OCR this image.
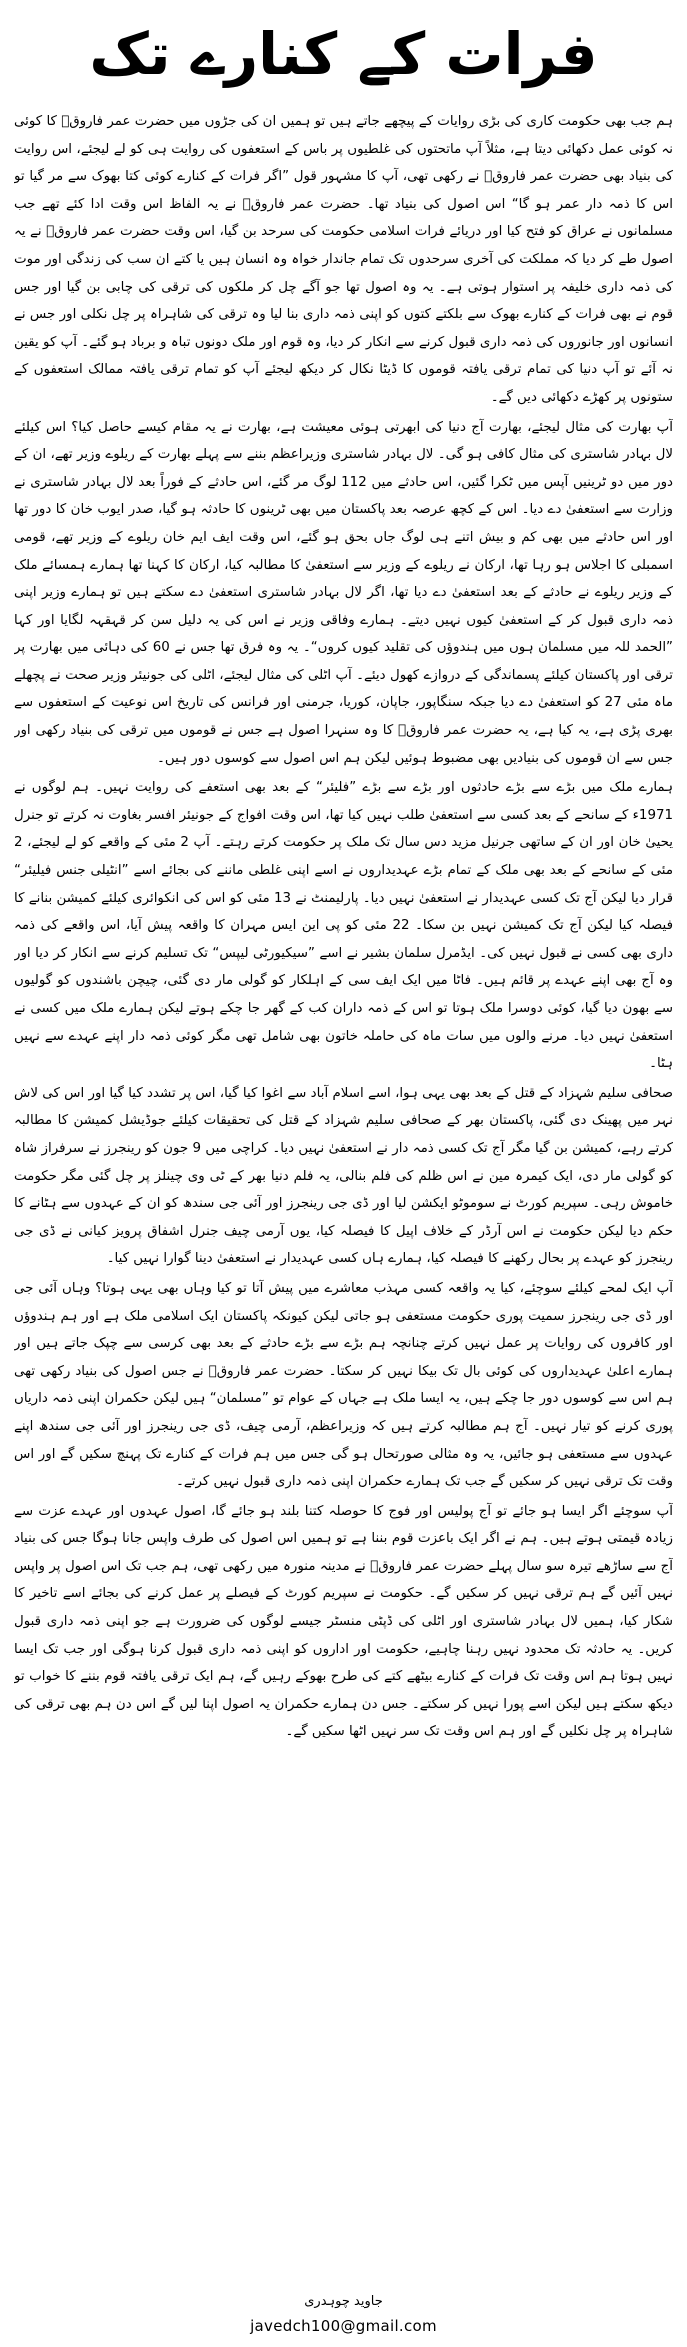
فرات کے کنارے تک

ہم جب بھی حکومت کاری کی بڑی روایات کے پیچھے جاتے ہیں تو ہمیں ان کی جڑوں میں حضرت عمر فاروقؓ کا کوئی نہ کوئی عمل دکھائی دیتا ہے، مثلاً آپ ماتحتوں کی غلطیوں پر باس کے استعفوں کی روایت ہی کو لے لیجئے، اس روایت کی بنیاد بھی حضرت عمر فاروقؓ نے رکھی تھی، آپ کا مشہور قول ”اگر فرات کے کنارے کوئی کتا بھوک سے مر گیا تو اس کا ذمہ دار عمر ہو گا“ اس اصول کی بنیاد تھا۔ حضرت عمر فاروقؓ نے یہ الفاظ اس وقت ادا کئے تھے جب مسلمانوں نے عراق کو فتح کیا اور دریائے فرات اسلامی حکومت کی سرحد بن گیا، اس وقت حضرت عمر فاروقؓ نے یہ اصول طے کر دیا کہ مملکت کی آخری سرحدوں تک تمام جاندار خواہ وہ انسان ہیں یا کتے ان سب کی زندگی اور موت کی ذمہ داری خلیفہ پر استوار ہوتی ہے۔ یہ وہ اصول تھا جو آگے چل کر ملکوں کی ترقی کی چابی بن گیا اور جس قوم نے بھی فرات کے کنارے بھوک سے بلکتے کتوں کو اپنی ذمہ داری بنا لیا وہ ترقی کی شاہراہ پر چل نکلی اور جس نے انسانوں اور جانوروں کی ذمہ داری قبول کرنے سے انکار کر دیا، وہ قوم اور ملک دونوں تباہ و برباد ہو گئے۔ آپ کو یقین نہ آئے تو آپ دنیا کی تمام ترقی یافتہ قوموں کا ڈیٹا نکال کر دیکھ لیجئے آپ کو تمام ترقی یافتہ ممالک استعفوں کے ستونوں پر کھڑے دکھائی دیں گے۔

آپ بھارت کی مثال لیجئے، بھارت آج دنیا کی ابھرتی ہوئی معیشت ہے، بھارت نے یہ مقام کیسے حاصل کیا؟ اس کیلئے لال بہادر شاستری کی مثال کافی ہو گی۔ لال بہادر شاستری وزیراعظم بننے سے پہلے بھارت کے ریلوے وزیر تھے، ان کے دور میں دو ٹرینیں آپس میں ٹکرا گئیں، اس حادثے میں 112 لوگ مر گئے، اس حادثے کے فوراً بعد لال بہادر شاستری نے وزارت سے استعفیٰ دے دیا۔ اس کے کچھ عرصہ بعد پاکستان میں بھی ٹرینوں کا حادثہ ہو گیا، صدر ایوب خان کا دور تھا اور اس حادثے میں بھی کم و بیش اتنے ہی لوگ جاں بحق ہو گئے، اس وقت ایف ایم خان ریلوے کے وزیر تھے، قومی اسمبلی کا اجلاس ہو رہا تھا، ارکان نے ریلوے کے وزیر سے استعفیٰ کا مطالبہ کیا، ارکان کا کہنا تھا ہمارے ہمسائے ملک کے وزیر ریلوے نے حادثے کے بعد استعفیٰ دے دیا تھا، اگر لال بہادر شاستری استعفیٰ دے سکتے ہیں تو ہمارے وزیر اپنی ذمہ داری قبول کر کے استعفیٰ کیوں نہیں دیتے۔ ہمارے وفاقی وزیر نے اس کی یہ دلیل سن کر قہقہہ لگایا اور کہا ”الحمد للہ میں مسلمان ہوں میں ہندوؤں کی تقلید کیوں کروں“۔ یہ وہ فرق تھا جس نے 60 کی دہائی میں بھارت پر ترقی اور پاکستان کیلئے پسماندگی کے دروازے کھول دیئے۔ آپ اٹلی کی مثال لیجئے، اٹلی کی جونیئر وزیر صحت نے پچھلے ماہ مئی 27 کو استعفیٰ دے دیا جبکہ سنگاپور، جاپان، کوریا، جرمنی اور فرانس کی تاریخ اس نوعیت کے استعفوں سے بھری پڑی ہے، یہ کیا ہے، یہ حضرت عمر فاروقؓ کا وہ سنہرا اصول ہے جس نے قوموں میں ترقی کی بنیاد رکھی اور جس سے ان قوموں کی بنیادیں بھی مضبوط ہوئیں لیکن ہم اس اصول سے کوسوں دور ہیں۔

ہمارے ملک میں بڑے سے بڑے حادثوں اور بڑے سے بڑے ”فلیئر“ کے بعد بھی استعفے کی روایت نہیں۔ ہم لوگوں نے 1971ء کے سانحے کے بعد کسی سے استعفیٰ طلب نہیں کیا تھا، اس وقت افواج کے جونیئر افسر بغاوت نہ کرتے تو جنرل یحییٰ خان اور ان کے ساتھی جرنیل مزید دس سال تک ملک پر حکومت کرتے رہتے۔ آپ 2 مئی کے واقعے کو لے لیجئے، 2 مئی کے سانحے کے بعد بھی ملک کے تمام بڑے عہدیداروں نے اسے اپنی غلطی ماننے کی بجائے اسے ”انٹیلی جنس فیلیئر“ قرار دیا لیکن آج تک کسی عہدیدار نے استعفیٰ نہیں دیا۔ پارلیمنٹ نے 13 مئی کو اس کی انکوائری کیلئے کمیشن بنانے کا فیصلہ کیا لیکن آج تک کمیشن نہیں بن سکا۔ 22 مئی کو پی این ایس مہران کا واقعہ پیش آیا، اس واقعے کی ذمہ داری بھی کسی نے قبول نہیں کی۔ ایڈمرل سلمان بشیر نے اسے ”سیکیورٹی لیپس“ تک تسلیم کرنے سے انکار کر دیا اور وہ آج بھی اپنے عہدے پر قائم ہیں۔ فاٹا میں ایک ایف سی کے اہلکار کو گولی مار دی گئی، چیچن باشندوں کو گولیوں سے بھون دیا گیا، کوئی دوسرا ملک ہوتا تو اس کے ذمہ داران کب کے گھر جا چکے ہوتے لیکن ہمارے ملک میں کسی نے استعفیٰ نہیں دیا۔ مرنے والوں میں سات ماہ کی حاملہ خاتون بھی شامل تھی مگر کوئی ذمہ دار اپنے عہدے سے نہیں ہٹا۔

صحافی سلیم شہزاد کے قتل کے بعد بھی یہی ہوا، اسے اسلام آباد سے اغوا کیا گیا، اس پر تشدد کیا گیا اور اس کی لاش نہر میں پھینک دی گئی، پاکستان بھر کے صحافی سلیم شہزاد کے قتل کی تحقیقات کیلئے جوڈیشل کمیشن کا مطالبہ کرتے رہے، کمیشن بن گیا مگر آج تک کسی ذمہ دار نے استعفیٰ نہیں دیا۔ کراچی میں 9 جون کو رینجرز نے سرفراز شاہ کو گولی مار دی، ایک کیمرہ مین نے اس ظلم کی فلم بنالی، یہ فلم دنیا بھر کے ٹی وی چینلز پر چل گئی مگر حکومت خاموش رہی۔ سپریم کورٹ نے سوموٹو ایکشن لیا اور ڈی جی رینجرز اور آئی جی سندھ کو ان کے عہدوں سے ہٹانے کا حکم دیا لیکن حکومت نے اس آرڈر کے خلاف اپیل کا فیصلہ کیا، یوں آرمی چیف جنرل اشفاق پرویز کیانی نے ڈی جی رینجرز کو عہدے پر بحال رکھنے کا فیصلہ کیا، ہمارے ہاں کسی عہدیدار نے استعفیٰ دینا گوارا نہیں کیا۔

آپ ایک لمحے کیلئے سوچئے، کیا یہ واقعہ کسی مہذب معاشرے میں پیش آتا تو کیا وہاں بھی یہی ہوتا؟ وہاں آئی جی اور ڈی جی رینجرز سمیت پوری حکومت مستعفی ہو جاتی لیکن کیونکہ پاکستان ایک اسلامی ملک ہے اور ہم ہندوؤں اور کافروں کی روایات پر عمل نہیں کرتے چنانچہ ہم بڑے سے بڑے حادثے کے بعد بھی کرسی سے چپک جاتے ہیں اور ہمارے اعلیٰ عہدیداروں کی کوئی بال تک بیکا نہیں کر سکتا۔ حضرت عمر فاروقؓ نے جس اصول کی بنیاد رکھی تھی ہم اس سے کوسوں دور جا چکے ہیں، یہ ایسا ملک ہے جہاں کے عوام تو ”مسلمان“ ہیں لیکن حکمران اپنی ذمہ داریاں پوری کرنے کو تیار نہیں۔ آج ہم مطالبہ کرتے ہیں کہ وزیراعظم، آرمی چیف، ڈی جی رینجرز اور آئی جی سندھ اپنے عہدوں سے مستعفی ہو جائیں، یہ وہ مثالی صورتحال ہو گی جس میں ہم فرات کے کنارے تک پہنچ سکیں گے اور اس وقت تک ترقی نہیں کر سکیں گے جب تک ہمارے حکمران اپنی ذمہ داری قبول نہیں کرتے۔

آپ سوچئے اگر ایسا ہو جائے تو آج پولیس اور فوج کا حوصلہ کتنا بلند ہو جائے گا، اصول عہدوں اور عہدے عزت سے زیادہ قیمتی ہوتے ہیں۔ ہم نے اگر ایک باعزت قوم بننا ہے تو ہمیں اس اصول کی طرف واپس جانا ہوگا جس کی بنیاد آج سے ساڑھے تیرہ سو سال پہلے حضرت عمر فاروقؓ نے مدینہ منورہ میں رکھی تھی، ہم جب تک اس اصول پر واپس نہیں آئیں گے ہم ترقی نہیں کر سکیں گے۔ حکومت نے سپریم کورٹ کے فیصلے پر عمل کرنے کی بجائے اسے تاخیر کا شکار کیا، ہمیں لال بہادر شاستری اور اٹلی کی ڈپٹی منسٹر جیسے لوگوں کی ضرورت ہے جو اپنی ذمہ داری قبول کریں۔ یہ حادثہ تک محدود نہیں رہنا چاہیے، حکومت اور اداروں کو اپنی ذمہ داری قبول کرنا ہوگی اور جب تک ایسا نہیں ہوتا ہم اس وقت تک فرات کے کنارے بیٹھے کتے کی طرح بھوکے رہیں گے، ہم ایک ترقی یافتہ قوم بننے کا خواب تو دیکھ سکتے ہیں لیکن اسے پورا نہیں کر سکتے۔ جس دن ہمارے حکمران یہ اصول اپنا لیں گے اس دن ہم بھی ترقی کی شاہراہ پر چل نکلیں گے اور ہم اس وقت تک سر نہیں اٹھا سکیں گے۔

جاوید چوہدری
javedch100@gmail.com
